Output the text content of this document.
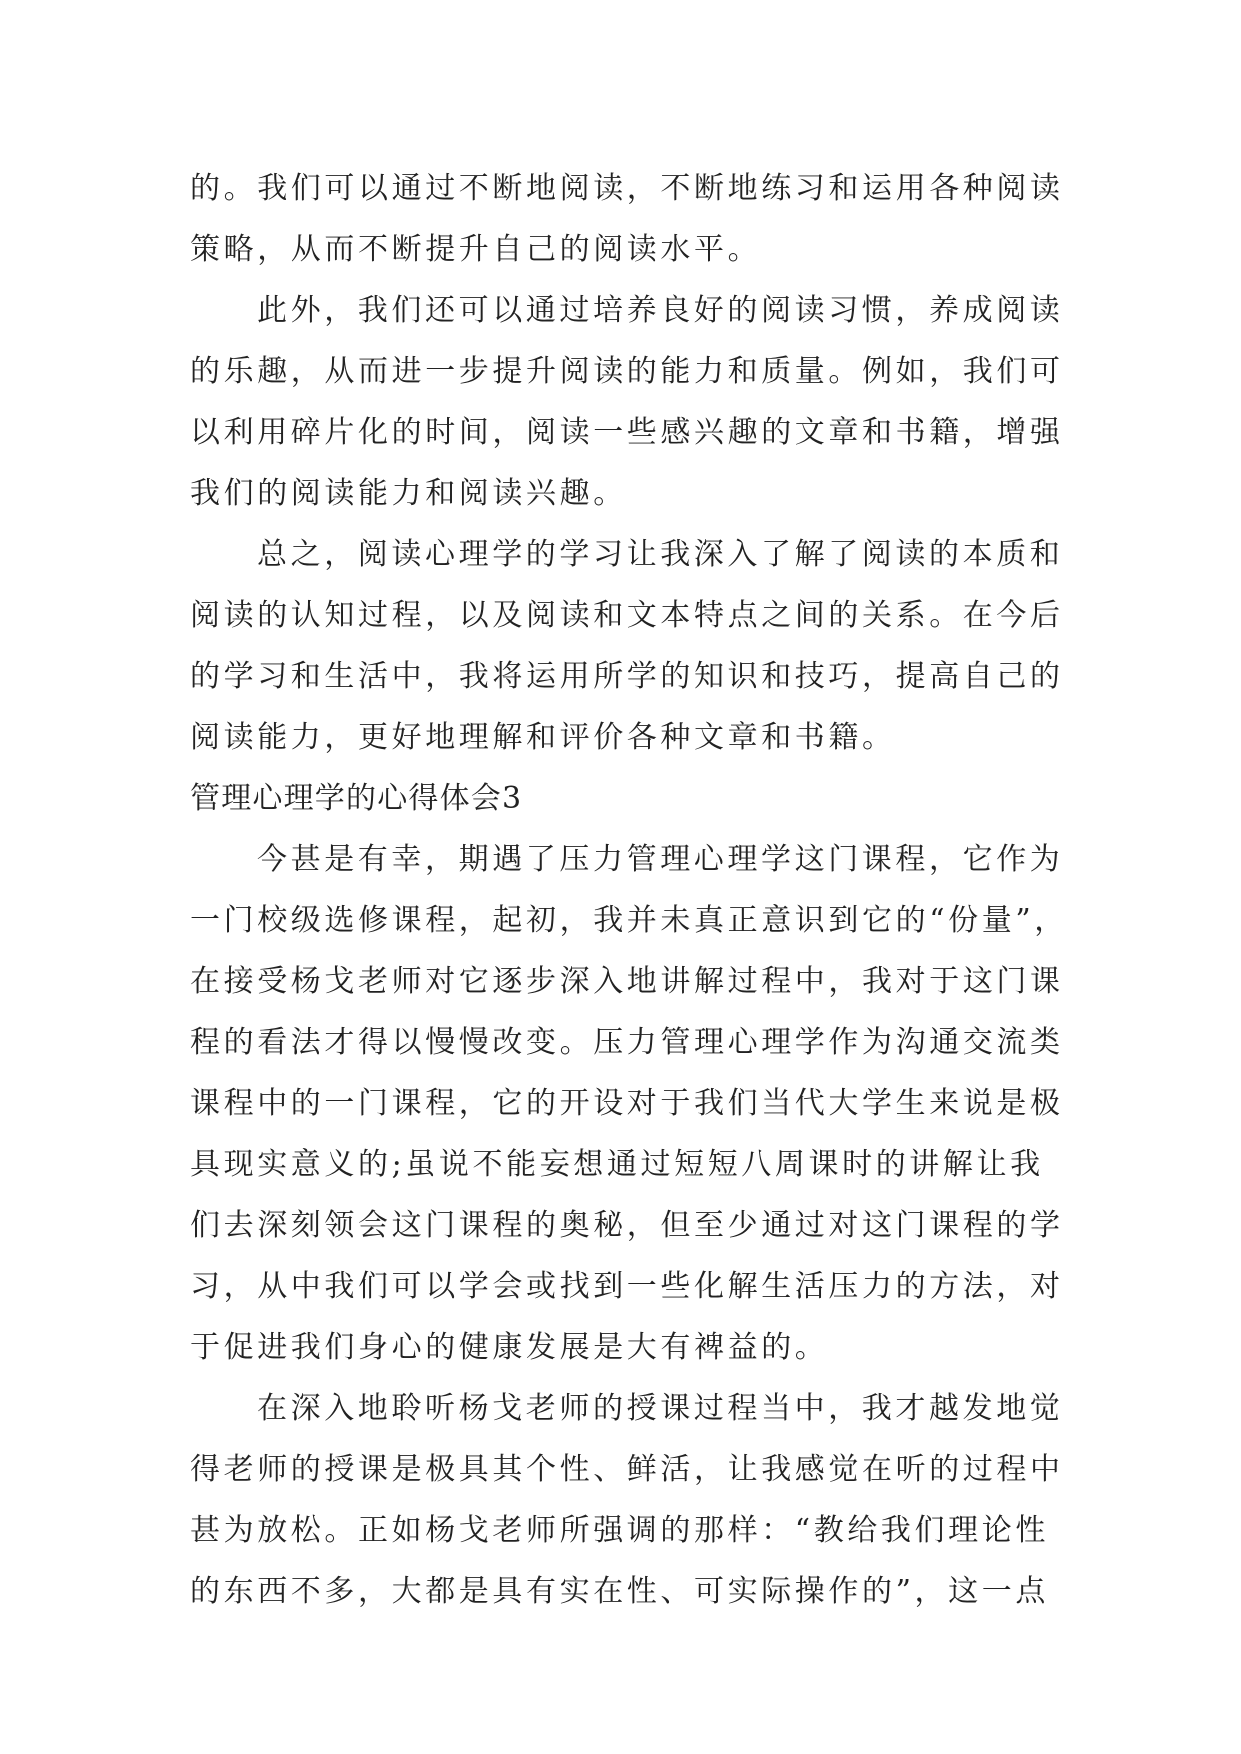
的。我们可以通过不断地阅读，不断地练习和运用各种阅读
策略，从而不断提升自己的阅读水平。
此外，我们还可以通过培养良好的阅读习惯，养成阅读
的乐趣，从而进一步提升阅读的能力和质量。例如，我们可
以利用碎片化的时间，阅读一些感兴趣的文章和书籍，增强
我们的阅读能力和阅读兴趣。
总之，阅读心理学的学习让我深入了解了阅读的本质和
阅读的认知过程，以及阅读和文本特点之间的关系。在今后
的学习和生活中，我将运用所学的知识和技巧，提高自己的
阅读能力，更好地理解和评价各种文章和书籍。
管理心理学的心得体会3
今甚是有幸，期遇了压力管理心理学这门课程，它作为
一门校级选修课程，起初，我并未真正意识到它的“份量”，
在接受杨戈老师对它逐步深入地讲解过程中，我对于这门课
程的看法才得以慢慢改变。压力管理心理学作为沟通交流类
课程中的一门课程，它的开设对于我们当代大学生来说是极
具现实意义的;虽说不能妄想通过短短八周课时的讲解让我
们去深刻领会这门课程的奥秘，但至少通过对这门课程的学
习，从中我们可以学会或找到一些化解生活压力的方法，对
于促进我们身心的健康发展是大有裨益的。
在深入地聆听杨戈老师的授课过程当中，我才越发地觉
得老师的授课是极具其个性、鲜活，让我感觉在听的过程中
甚为放松。正如杨戈老师所强调的那样：“教给我们理论性
的东西不多，大都是具有实在性、可实际操作的”，这一点
